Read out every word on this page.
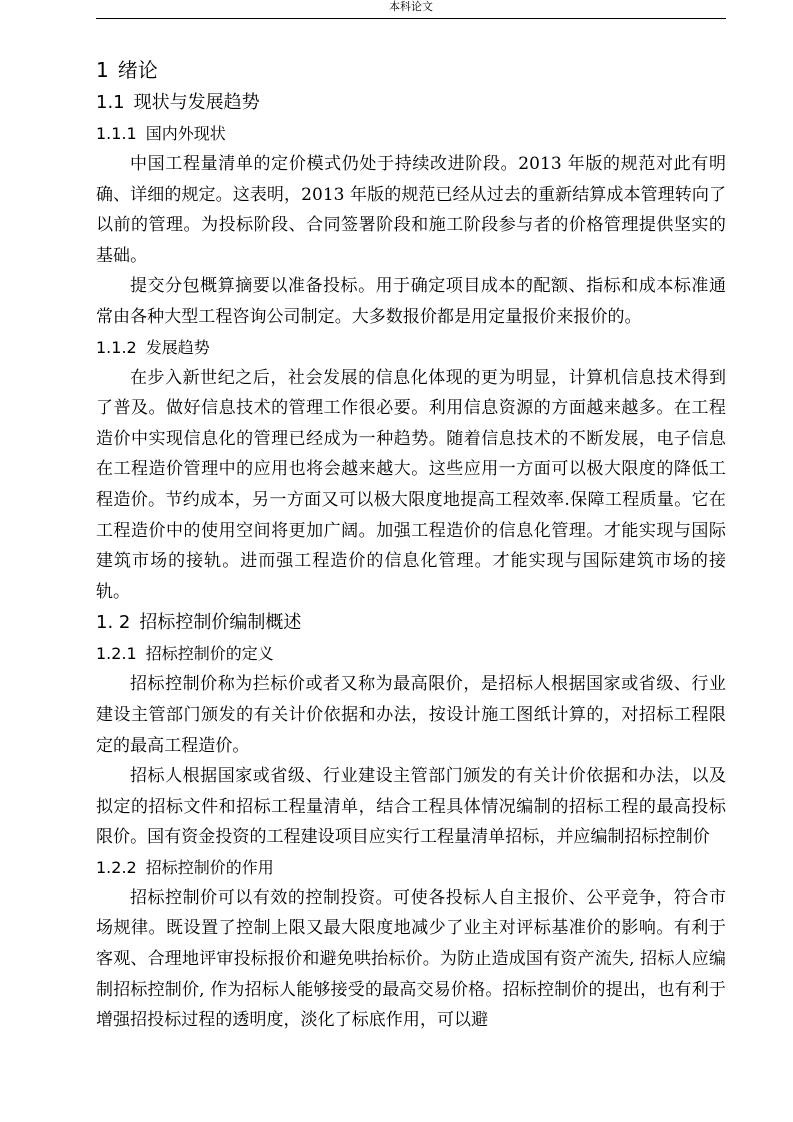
本科论文
1 绪论
1.1 现状与发展趋势
1.1.1 国内外现状

中国工程量清单的定价模式仍处于持续改进阶段。2013 年版的规范对此有明确、详细的规定。这表明，2013 年版的规范已经从过去的重新结算成本管理转向了以前的管理。为投标阶段、合同签署阶段和施工阶段参与者的价格管理提供坚实的基础。

提交分包概算摘要以准备投标。用于确定项目成本的配额、指标和成本标准通常由各种大型工程咨询公司制定。大多数报价都是用定量报价来报价的。

1.1.2 发展趋势

在步入新世纪之后，社会发展的信息化体现的更为明显，计算机信息技术得到了普及。做好信息技术的管理工作很必要。利用信息资源的方面越来越多。在工程造价中实现信息化的管理已经成为一种趋势。随着信息技术的不断发展，电子信息在工程造价管理中的应用也将会越来越大。这些应用一方面可以极大限度的降低工程造价。节约成本，另一方面又可以极大限度地提高工程效率.保障工程质量。它在工程造价中的使用空间将更加广阔。加强工程造价的信息化管理。才能实现与国际建筑市场的接轨。进而强工程造价的信息化管理。才能实现与国际建筑市场的接轨。

1. 2 招标控制价编制概述
1.2.1 招标控制价的定义

招标控制价称为拦标价或者又称为最高限价，是招标人根据国家或省级、行业建设主管部门颁发的有关计价依据和办法，按设计施工图纸计算的，对招标工程限定的最高工程造价。

招标人根据国家或省级、行业建设主管部门颁发的有关计价依据和办法，以及拟定的招标文件和招标工程量清单，结合工程具体情况编制的招标工程的最高投标限价。国有资金投资的工程建设项目应实行工程量清单招标，并应编制招标控制价

1.2.2 招标控制价的作用

招标控制价可以有效的控制投资。可使各投标人自主报价、公平竞争，符合市场规律。既设置了控制上限又最大限度地减少了业主对评标基准价的影响。有利于客观、合理地评审投标报价和避免哄抬标价。为防止造成国有资产流失, 招标人应编制招标控制价, 作为招标人能够接受的最高交易价格。招标控制价的提出，也有利于增强招投标过程的透明度，淡化了标底作用，可以避
